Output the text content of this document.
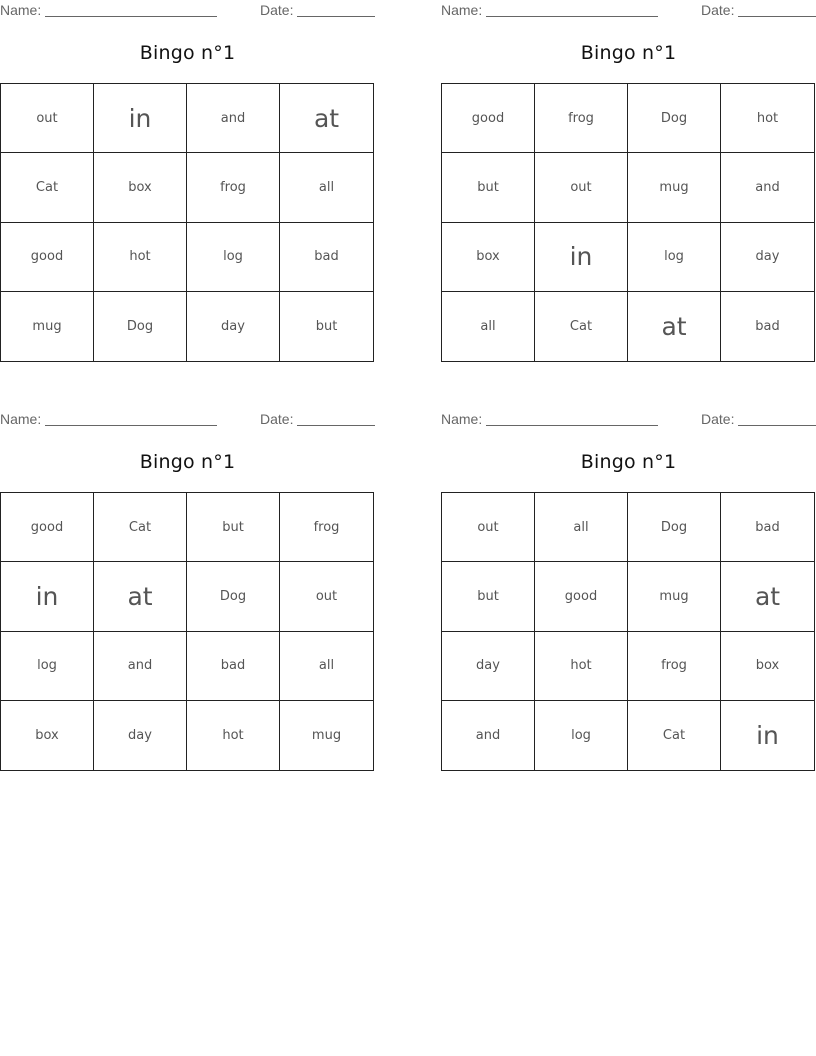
Name:	Date:
Bingo n°1
out	in	and	at
Cat	box	frog	all
good	hot	log	bad
mug	Dog	day	but
Name:	Date:
Bingo n°1
good	frog	Dog	hot
but	out	mug	and
box	in	log	day
all	Cat	at	bad
Name:	Date:
Bingo n°1
good	Cat	but	frog
in	at	Dog	out
log	and	bad	all
box	day	hot	mug
Name:	Date:
Bingo n°1
out	all	Dog	bad
but	good	mug	at
day	hot	frog	box
and	log	Cat	in
